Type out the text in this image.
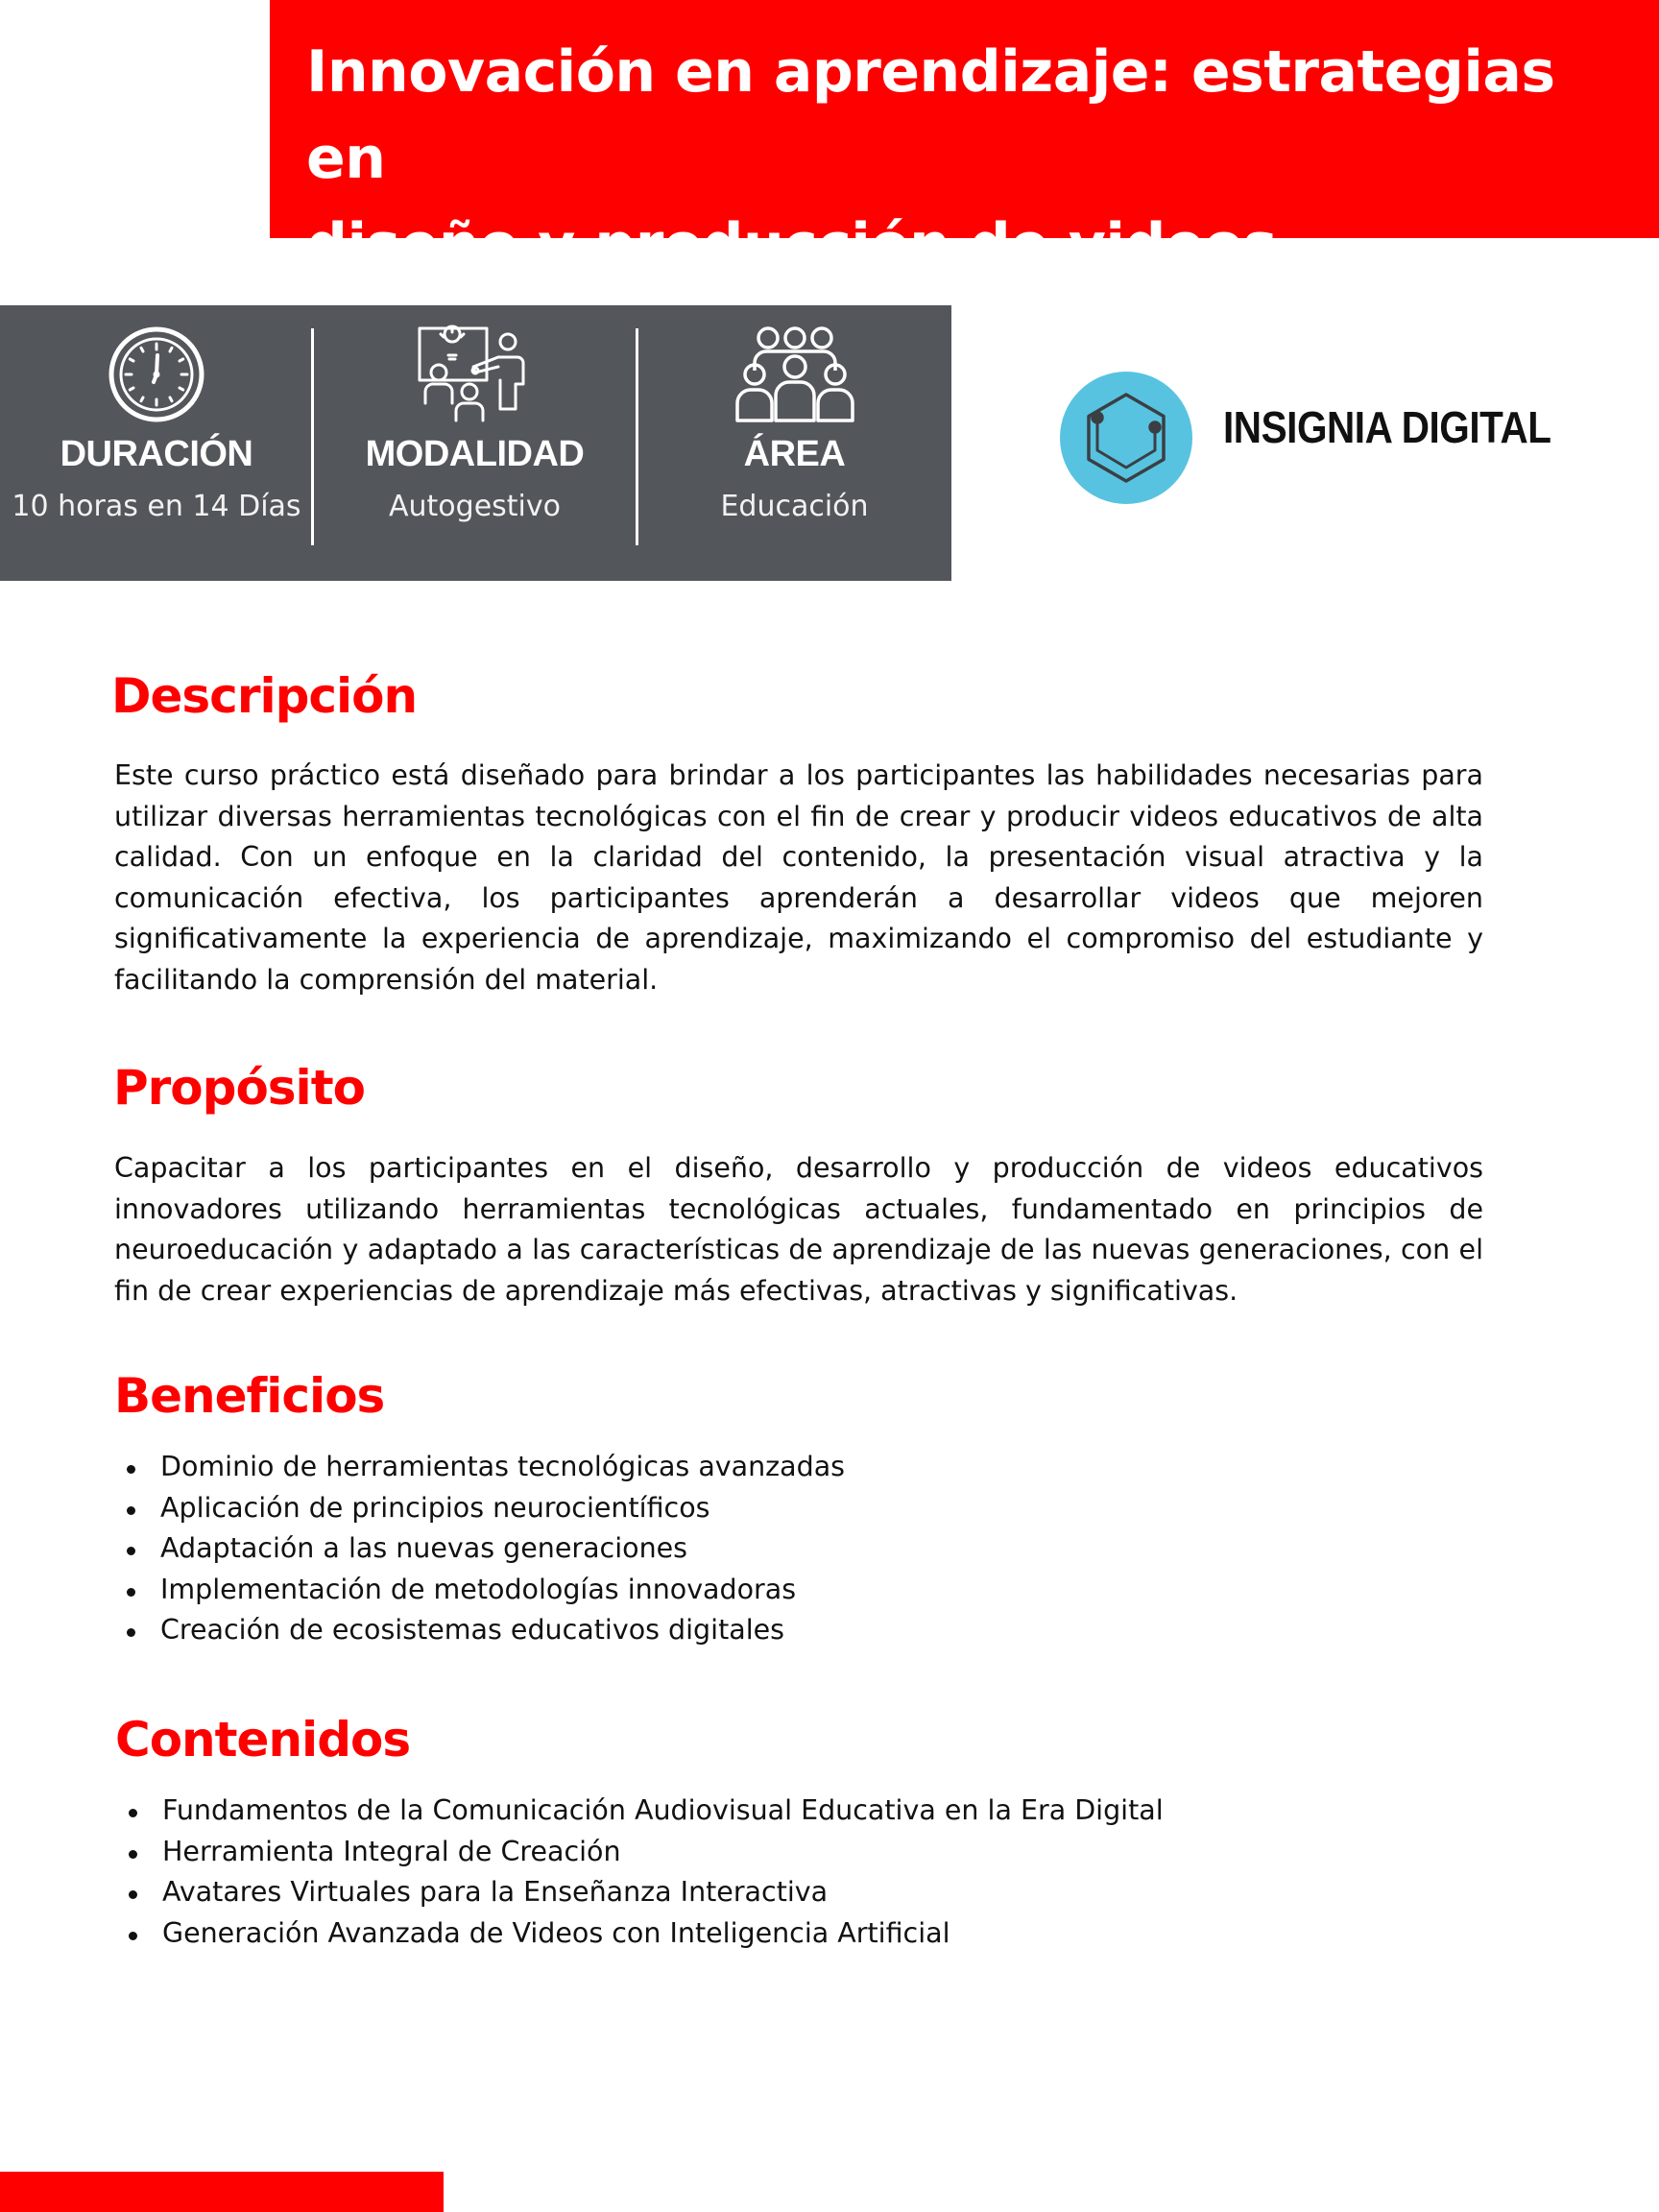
Innovación en aprendizaje: estrategias en
diseño y producción de videos
DURACIÓN
10 horas en 14 Días
MODALIDAD
Autogestivo
ÁREA
Educación
INSIGNIA DIGITAL
Descripción

Este curso práctico está diseñado para brindar a los participantes las habilidades necesarias para utilizar diversas herramientas tecnológicas con el fin de crear y producir videos educativos de alta calidad. Con un enfoque en la claridad del contenido, la presentación visual atractiva y la comunicación efectiva, los participantes aprenderán a desarrollar videos que mejoren significativamente la experiencia de aprendizaje, maximizando el compromiso del estudiante y facilitando la comprensión del material.

Propósito

Capacitar a los participantes en el diseño, desarrollo y producción de videos educativos innovadores utilizando herramientas tecnológicas actuales, fundamentado en principios de neuroeducación y adaptado a las características de aprendizaje de las nuevas generaciones, con el fin de crear experiencias de aprendizaje más efectivas, atractivas y significativas.

Beneficios
Dominio de herramientas tecnológicas avanzadas
Aplicación de principios neurocientíficos
Adaptación a las nuevas generaciones
Implementación de metodologías innovadoras
Creación de ecosistemas educativos digitales
Contenidos
Fundamentos de la Comunicación Audiovisual Educativa en la Era Digital
Herramienta Integral de Creación
Avatares Virtuales para la Enseñanza Interactiva
Generación Avanzada de Videos con Inteligencia Artificial
